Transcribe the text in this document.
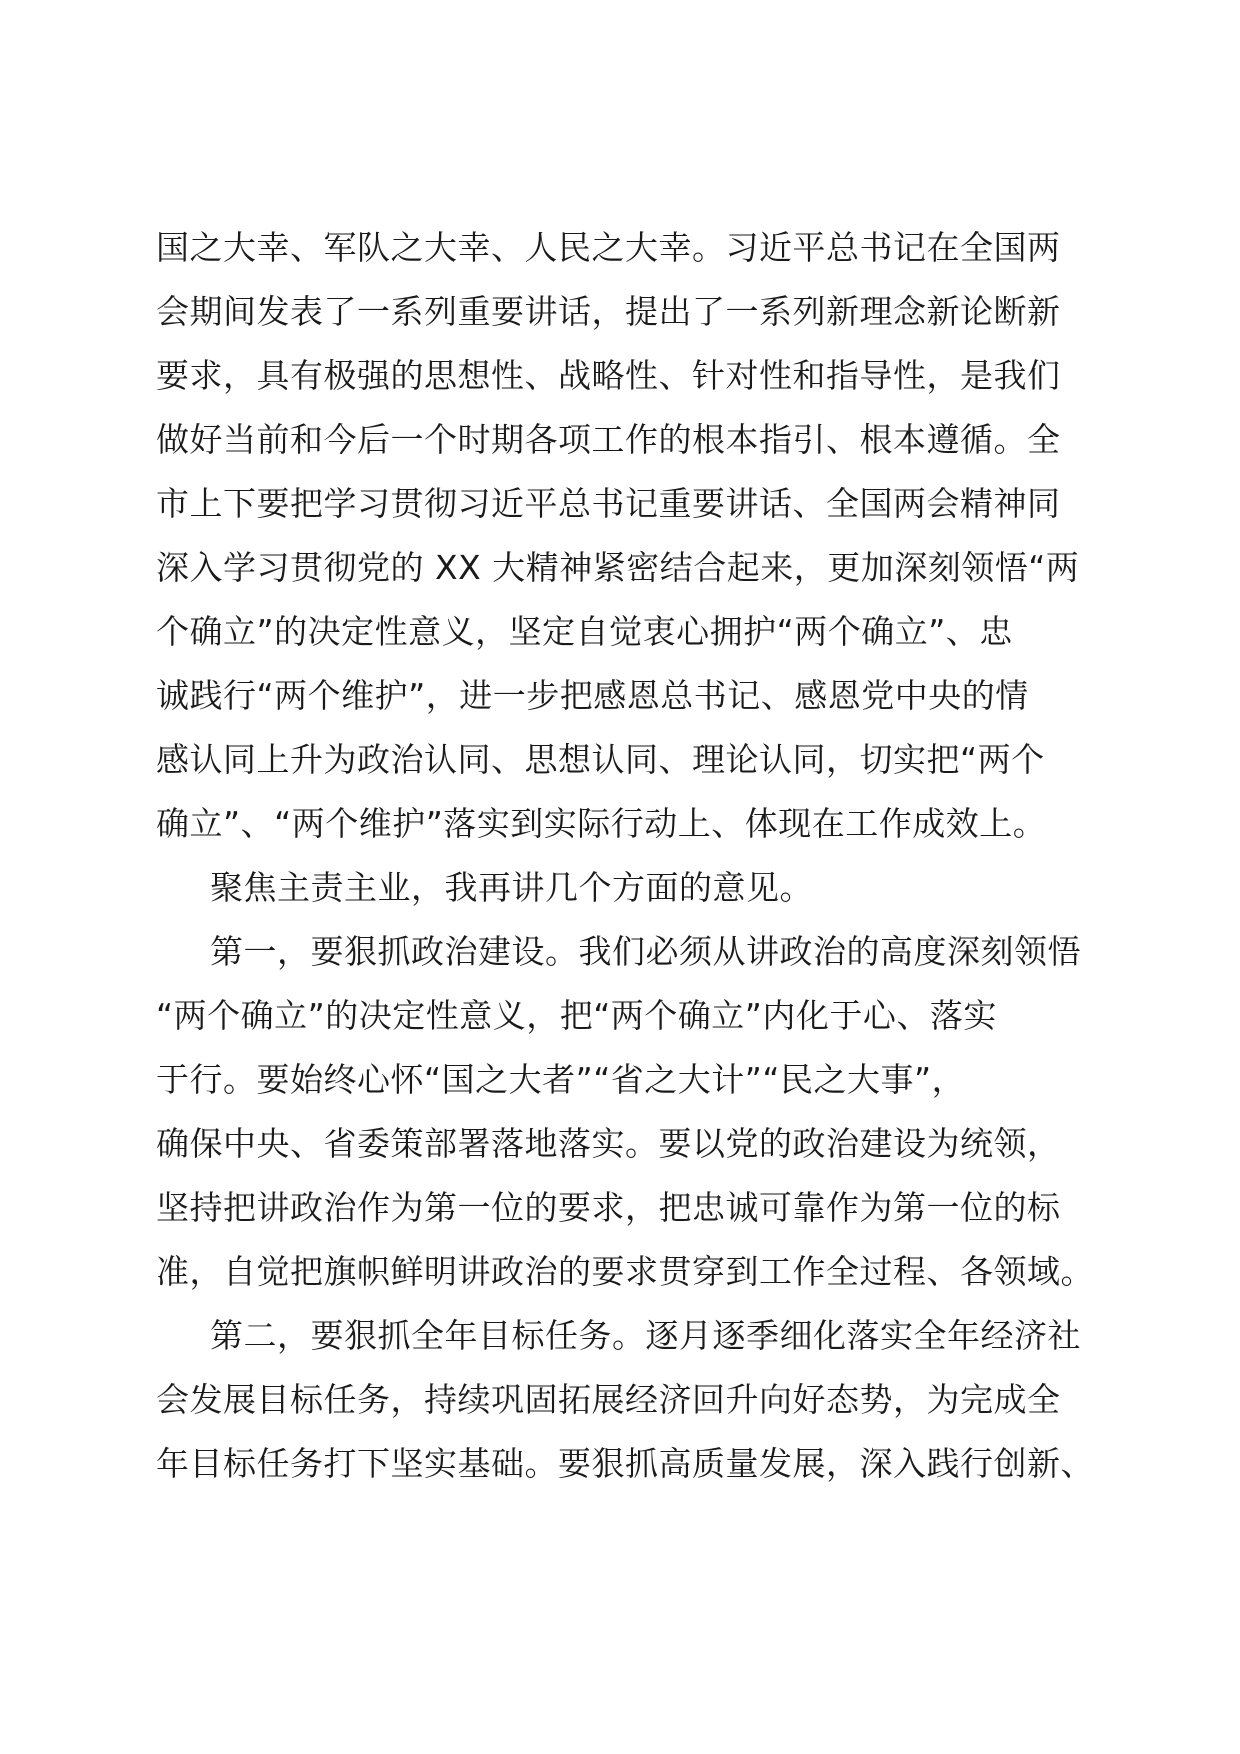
国之大幸、军队之大幸、人民之大幸。习近平总书记在全国两
会期间发表了一系列重要讲话，提出了一系列新理念新论断新
要求，具有极强的思想性、战略性、针对性和指导性，是我们
做好当前和今后一个时期各项工作的根本指引、根本遵循。全
市上下要把学习贯彻习近平总书记重要讲话、全国两会精神同
深入学习贯彻党的 XX 大精神紧密结合起来，更加深刻领悟“两
个确立”的决定性意义，坚定自觉衷心拥护“两个确立”、忠
诚践行“两个维护”，进一步把感恩总书记、感恩党中央的情
感认同上升为政治认同、思想认同、理论认同，切实把“两个
确立”、“两个维护”落实到实际行动上、体现在工作成效上。
聚焦主责主业，我再讲几个方面的意见。
第一，要狠抓政治建设。我们必须从讲政治的高度深刻领悟
“两个确立”的决定性意义，把“两个确立”内化于心、落实
于行。要始终心怀“国之大者”“省之大计”“民之大事”，
确保中央、省委策部署落地落实。要以党的政治建设为统领，
坚持把讲政治作为第一位的要求，把忠诚可靠作为第一位的标
准，自觉把旗帜鲜明讲政治的要求贯穿到工作全过程、各领域。
第二，要狠抓全年目标任务。逐月逐季细化落实全年经济社
会发展目标任务，持续巩固拓展经济回升向好态势，为完成全
年目标任务打下坚实基础。要狠抓高质量发展，深入践行创新、
